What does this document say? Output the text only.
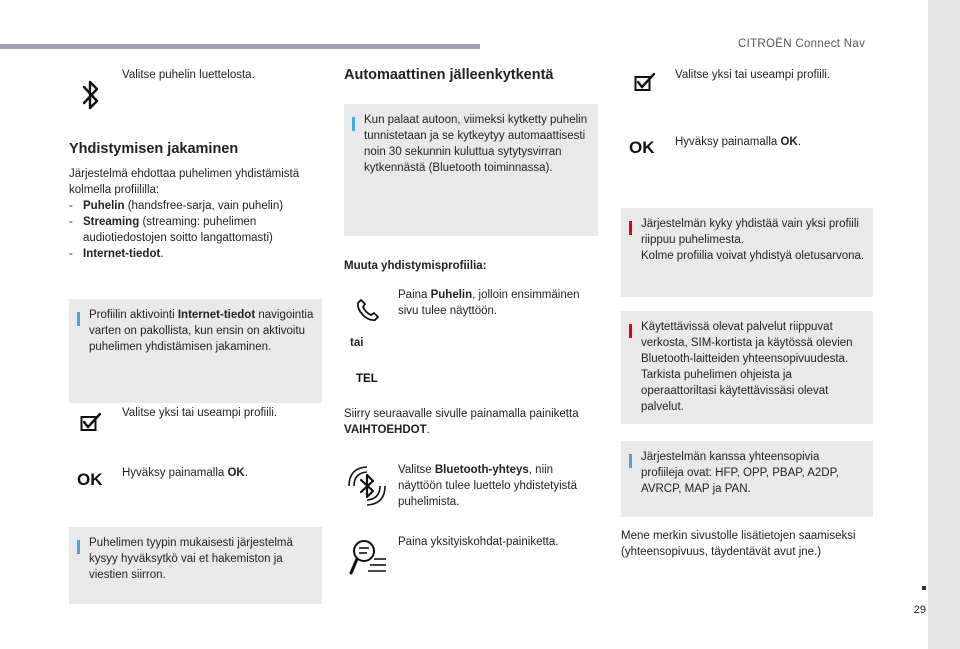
CITROËN Connect Nav
29
Valitse puhelin luettelosta.
Yhdistymisen jakaminen
Järjestelmä ehdottaa puhelimen yhdistämistä kolmella profiililla:
- Puhelin (handsfree-sarja, vain puhelin)
- Streaming (streaming: puhelimen audiotiedostojen soitto langattomasti)
- Internet-tiedot.
Profiilin aktivointi Internet-tiedot navigointia varten on pakollista, kun ensin on aktivoitu puhelimen yhdistämisen jakaminen.
Valitse yksi tai useampi profiili.
OK Hyväksy painamalla OK.
Puhelimen tyypin mukaisesti järjestelmä kysyy hyväksytkö vai et hakemiston ja viestien siirron.
Automaattinen jälleenkytkentä
Kun palaat autoon, viimeksi kytketty puhelin tunnistetaan ja se kytkeytyy automaattisesti noin 30 sekunnin kuluttua sytytysvirran kytkennästä (Bluetooth toiminnassa).
Muuta yhdistymisprofiilia:
Paina Puhelin, jolloin ensimmäinen sivu tulee näyttöön.
tai
TEL
Siirry seuraavalle sivulle painamalla painiketta VAIHTOEHDOT.
Valitse Bluetooth-yhteys, niin näyttöön tulee luettelo yhdistetyistä puhelimista.
Paina yksityiskohdat-painiketta.
Valitse yksi tai useampi profiili.
OK Hyväksy painamalla OK.
Järjestelmän kyky yhdistää vain yksi profiili riippuu puhelimesta.
Kolme profiilia voivat yhdistyä oletusarvona.
Käytettävissä olevat palvelut riippuvat verkosta, SIM-kortista ja käytössä olevien Bluetooth-laitteiden yhteensopivuudesta. Tarkista puhelimen ohjeista ja operaattoriltasi käytettävissäsi olevat palvelut.
Järjestelmän kanssa yhteensopivia profiileja ovat: HFP, OPP, PBAP, A2DP, AVRCP, MAP ja PAN.
Mene merkin sivustolle lisätietojen saamiseksi (yhteensopivuus, täydentävät avut jne.)
